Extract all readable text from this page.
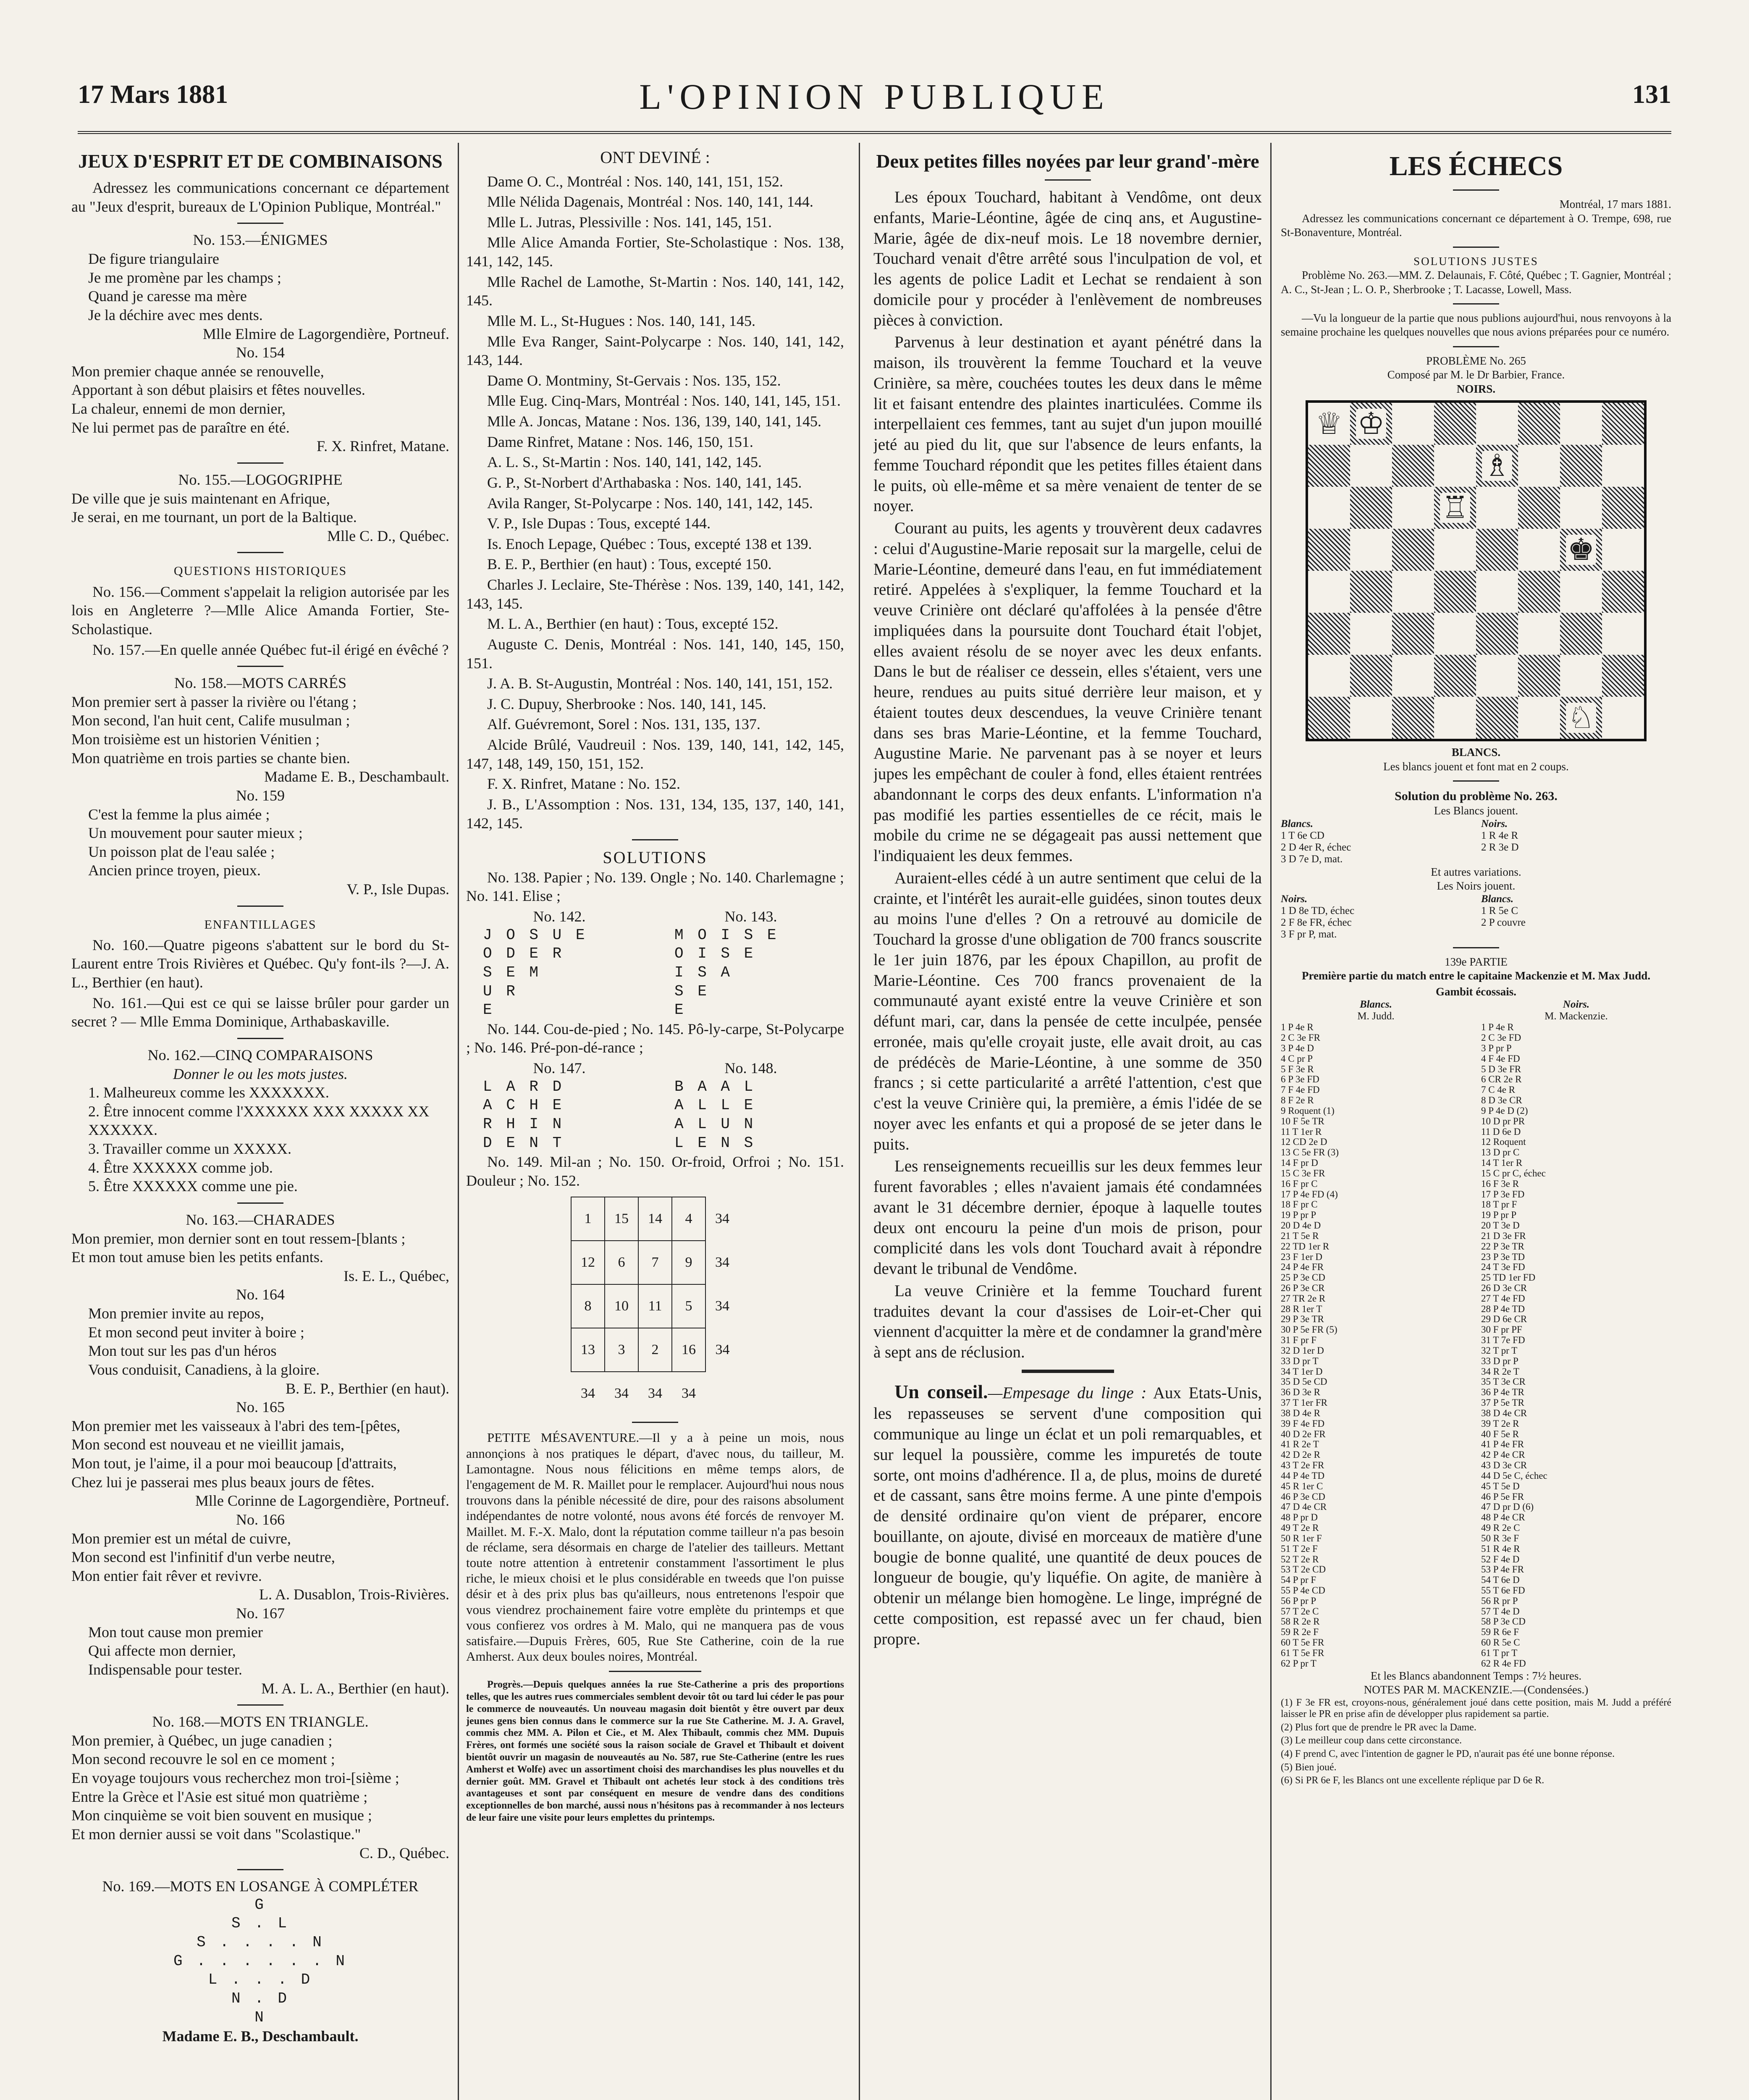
17 Mars 1881	L'OPINION PUBLIQUE	131
JEUX D'ESPRIT ET DE COMBINAISONS
Adressez les communications concernant ce département au "Jeux d'esprit, bureaux de L'Opinion Publique, Montréal."
No. 153.—ÉNIGMES
De figure triangulaire
Je me promène par les champs ;
Quand je caresse ma mère
Je la déchire avec mes dents.
Mlle Elmire de Lagorgendière, Portneuf.
No. 154
Mon premier chaque année se renouvelle,
Apportant à son début plaisirs et fêtes nouvelles.
La chaleur, ennemi de mon dernier,
Ne lui permet pas de paraître en été.
F. X. Rinfret, Matane.
No. 155.—LOGOGRIPHE
De ville que je suis maintenant en Afrique,
Je serai, en me tournant, un port de la Baltique.
Mlle C. D., Québec.
QUESTIONS HISTORIQUES
No. 156.—Comment s'appelait la religion autorisée par les lois en Angleterre ?—Mlle Alice Amanda Fortier, Ste-Scholastique.
No. 157.—En quelle année Québec fut-il érigé en évêché ?
No. 158.—MOTS CARRÉS
Mon premier sert à passer la rivière ou l'étang ;
Mon second, l'an huit cent, Calife musulman ;
Mon troisième est un historien Vénitien ;
Mon quatrième en trois parties se chante bien.
Madame E. B., Deschambault.
No. 159
C'est la femme la plus aimée ;
Un mouvement pour sauter mieux ;
Un poisson plat de l'eau salée ;
Ancien prince troyen, pieux.
V. P., Isle Dupas.
ENFANTILLAGES
No. 160.—Quatre pigeons s'abattent sur le bord du St-Laurent entre Trois Rivières et Québec. Qu'y font-ils ?—J. A. L., Berthier (en haut).
No. 161.—Qui est ce qui se laisse brûler pour garder un secret ? — Mlle Emma Dominique, Arthabaskaville.
No. 162.—CINQ COMPARAISONS
Donner le ou les mots justes.
1. Malheureux comme les XXXXXXX.
2. Être innocent comme l'XXXXXX XXX XXXXX XX XXXXXX.
3. Travailler comme un XXXXX.
4. Être XXXXXX comme job.
5. Être XXXXXX comme une pie.
No. 163.—CHARADES
Mon premier, mon dernier sont en tout ressem-[blants ;
Et mon tout amuse bien les petits enfants.
Is. E. L., Québec,
No. 164
Mon premier invite au repos,
Et mon second peut inviter à boire ;
Mon tout sur les pas d'un héros
Vous conduisit, Canadiens, à la gloire.
B. E. P., Berthier (en haut).
No. 165
Mon premier met les vaisseaux à l'abri des tem-[pêtes,
Mon second est nouveau et ne vieillit jamais,
Mon tout, je l'aime, il a pour moi beaucoup [d'attraits,
Chez lui je passerai mes plus beaux jours de fêtes.
Mlle Corinne de Lagorgendière, Portneuf.
No. 166
Mon premier est un métal de cuivre,
Mon second est l'infinitif d'un verbe neutre,
Mon entier fait rêver et revivre.
L. A. Dusablon, Trois-Rivières.
No. 167
Mon tout cause mon premier
Qui affecte mon dernier,
Indispensable pour tester.
M. A. L. A., Berthier (en haut).
No. 168.—MOTS EN TRIANGLE.
Mon premier, à Québec, un juge canadien ;
Mon second recouvre le sol en ce moment ;
En voyage toujours vous recherchez mon troi-[sième ;
Entre la Grèce et l'Asie est situé mon quatrième ;
Mon cinquième se voit bien souvent en musique ;
Et mon dernier aussi se voit dans "Scolastique."
C. D., Québec.
No. 169.—MOTS EN LOSANGE À COMPLÉTER
G
S . L
S . . . . N
G . . . . . . N
L . . . D
N . D
N
Madame E. B., Deschambault.
ONT DEVINÉ :
Dame O. C., Montréal : Nos. 140, 141, 151, 152.
Mlle Nélida Dagenais, Montréal : Nos. 140, 141, 144.
Mlle L. Jutras, Plessiville : Nos. 141, 145, 151.
Mlle Alice Amanda Fortier, Ste-Scholastique : Nos. 138, 141, 142, 145.
Mlle Rachel de Lamothe, St-Martin : Nos. 140, 141, 142, 145.
Mlle M. L., St-Hugues : Nos. 140, 141, 145.
Mlle Eva Ranger, Saint-Polycarpe : Nos. 140, 141, 142, 143, 144.
Dame O. Montminy, St-Gervais : Nos. 135, 152.
Mlle Eug. Cinq-Mars, Montréal : Nos. 140, 141, 145, 151.
Mlle A. Joncas, Matane : Nos. 136, 139, 140, 141, 145.
Dame Rinfret, Matane : Nos. 146, 150, 151.
A. L. S., St-Martin : Nos. 140, 141, 142, 145.
G. P., St-Norbert d'Arthabaska : Nos. 140, 141, 145.
Avila Ranger, St-Polycarpe : Nos. 140, 141, 142, 145.
V. P., Isle Dupas : Tous, excepté 144.
Is. Enoch Lepage, Québec : Tous, excepté 138 et 139.
B. E. P., Berthier (en haut) : Tous, excepté 150.
Charles J. Leclaire, Ste-Thérèse : Nos. 139, 140, 141, 142, 143, 145.
M. L. A., Berthier (en haut) : Tous, excepté 152.
Auguste C. Denis, Montréal : Nos. 141, 140, 145, 150, 151.
J. A. B. St-Augustin, Montréal : Nos. 140, 141, 151, 152.
J. C. Dupuy, Sherbrooke : Nos. 140, 141, 145.
Alf. Guévremont, Sorel : Nos. 131, 135, 137.
Alcide Brûlé, Vaudreuil : Nos. 139, 140, 141, 142, 145, 147, 148, 149, 150, 151, 152.
F. X. Rinfret, Matane : No. 152.
J. B., L'Assomption : Nos. 131, 134, 135, 137, 140, 141, 142, 145.
SOLUTIONS
No. 138. Papier ; No. 139. Ongle ; No. 140. Charlemagne ; No. 141. Elise ;
No. 142.
J O S U E
O D E R
S E M
U R
E
No. 143.
M O I S E
O I S E
I S A
S E
E
No. 144. Cou-de-pied ; No. 145. Pô-ly-carpe, St-Polycarpe ; No. 146. Pré-pon-dé-rance ;
No. 147.
L A R D
A C H E
R H I N
D E N T
No. 148.
B A A L
A L L E
A L U N
L E N S
No. 149. Mil-an ; No. 150. Or-froid, Orfroi ; No. 151. Douleur ; No. 152.
1	15	14	4	34
12	6	7	9	34
8	10	11	5	34
13	3	2	16	34
34	34	34	34	
PETITE MÉSAVENTURE.—Il y a à peine un mois, nous annonçions à nos pratiques le départ, d'avec nous, du tailleur, M. Lamontagne. Nous nous félicitions en même temps alors, de l'engagement de M. R. Maillet pour le remplacer. Aujourd'hui nous nous trouvons dans la pénible nécessité de dire, pour des raisons absolument indépendantes de notre volonté, nous avons été forcés de renvoyer M. Maillet. M. F.-X. Malo, dont la réputation comme tailleur n'a pas besoin de réclame, sera désormais en charge de l'atelier des tailleurs. Mettant toute notre attention à entretenir constamment l'assortiment le plus riche, le mieux choisi et le plus considérable en tweeds que l'on puisse désir et à des prix plus bas qu'ailleurs, nous entretenons l'espoir que vous viendrez prochainement faire votre emplète du printemps et que vous confierez vos ordres à M. Malo, qui ne manquera pas de vous satisfaire.—Dupuis Frères, 605, Rue Ste Catherine, coin de la rue Amherst. Aux deux boules noires, Montréal.
Progrès.—Depuis quelques années la rue Ste-Catherine a pris des proportions telles, que les autres rues commerciales semblent devoir tôt ou tard lui céder le pas pour le commerce de nouveautés. Un nouveau magasin doit bientôt y être ouvert par deux jeunes gens bien connus dans le commerce sur la rue Ste Catherine. M. J. A. Gravel, commis chez MM. A. Pilon et Cie., et M. Alex Thibault, commis chez MM. Dupuis Frères, ont formés une société sous la raison sociale de Gravel et Thibault et doivent bientôt ouvrir un magasin de nouveautés au No. 587, rue Ste-Catherine (entre les rues Amherst et Wolfe) avec un assortiment choisi des marchandises les plus nouvelles et du dernier goût. MM. Gravel et Thibault ont achetés leur stock à des conditions très avantageuses et sont par conséquent en mesure de vendre dans des conditions exceptionnelles de bon marché, aussi nous n'hésitons pas à recommander à nos lecteurs de leur faire une visite pour leurs emplettes du printemps.
Deux petites filles noyées par leur grand'-mère
Les époux Touchard, habitant à Vendôme, ont deux enfants, Marie-Léontine, âgée de cinq ans, et Augustine-Marie, âgée de dix-neuf mois. Le 18 novembre dernier, Touchard venait d'être arrêté sous l'inculpation de vol, et les agents de police Ladit et Lechat se rendaient à son domicile pour y procéder à l'enlèvement de nombreuses pièces à conviction.
Parvenus à leur destination et ayant pénétré dans la maison, ils trouvèrent la femme Touchard et la veuve Crinière, sa mère, couchées toutes les deux dans le même lit et faisant entendre des plaintes inarticulées. Comme ils interpellaient ces femmes, tant au sujet d'un jupon mouillé jeté au pied du lit, que sur l'absence de leurs enfants, la femme Touchard répondit que les petites filles étaient dans le puits, où elle-même et sa mère venaient de tenter de se noyer.
Courant au puits, les agents y trouvèrent deux cadavres : celui d'Augustine-Marie reposait sur la margelle, celui de Marie-Léontine, demeuré dans l'eau, en fut immédiatement retiré. Appelées à s'expliquer, la femme Touchard et la veuve Crinière ont déclaré qu'affolées à la pensée d'être impliquées dans la poursuite dont Touchard était l'objet, elles avaient résolu de se noyer avec les deux enfants. Dans le but de réaliser ce dessein, elles s'étaient, vers une heure, rendues au puits situé derrière leur maison, et y étaient toutes deux descendues, la veuve Crinière tenant dans ses bras Marie-Léontine, et la femme Touchard, Augustine Marie. Ne parvenant pas à se noyer et leurs jupes les empêchant de couler à fond, elles étaient rentrées abandonnant le corps des deux enfants. L'information n'a pas modifié les parties essentielles de ce récit, mais le mobile du crime ne se dégageait pas aussi nettement que l'indiquaient les deux femmes.
Auraient-elles cédé à un autre sentiment que celui de la crainte, et l'intérêt les aurait-elle guidées, sinon toutes deux au moins l'une d'elles ? On a retrouvé au domicile de Touchard la grosse d'une obligation de 700 francs souscrite le 1er juin 1876, par les époux Chapillon, au profit de Marie-Léontine. Ces 700 francs provenaient de la communauté ayant existé entre la veuve Crinière et son défunt mari, car, dans la pensée de cette inculpée, pensée erronée, mais qu'elle croyait juste, elle avait droit, au cas de prédécès de Marie-Léontine, à une somme de 350 francs ; si cette particularité a arrêté l'attention, c'est que c'est la veuve Crinière qui, la première, a émis l'idée de se noyer avec les enfants et qui a proposé de se jeter dans le puits.
Les renseignements recueillis sur les deux femmes leur furent favorables ; elles n'avaient jamais été condamnées avant le 31 décembre dernier, époque à laquelle toutes deux ont encouru la peine d'un mois de prison, pour complicité dans les vols dont Touchard avait à répondre devant le tribunal de Vendôme.
La veuve Crinière et la femme Touchard furent traduites devant la cour d'assises de Loir-et-Cher qui viennent d'acquitter la mère et de condamner la grand'mère à sept ans de réclusion.
Un conseil.—Empesage du linge : Aux Etats-Unis, les repasseuses se servent d'une composition qui communique au linge un éclat et un poli remarquables, et sur lequel la poussière, comme les impuretés de toute sorte, ont moins d'adhérence. Il a, de plus, moins de dureté et de cassant, sans être moins ferme. A une pinte d'empois de densité ordinaire qu'on vient de préparer, encore bouillante, on ajoute, divisé en morceaux de matière d'une bougie de bonne qualité, une quantité de deux pouces de longueur de bougie, qu'y liquéfie. On agite, de manière à obtenir un mélange bien homogène. Le linge, imprégné de cette composition, est repassé avec un fer chaud, bien propre.
LES ÉCHECS
Montréal, 17 mars 1881.
Adressez les communications concernant ce département à O. Trempe, 698, rue St-Bonaventure, Montréal.
SOLUTIONS JUSTES
Problème No. 263.—MM. Z. Delaunais, F. Côté, Québec ; T. Gagnier, Montréal ; A. C., St-Jean ; L. O. P., Sherbrooke ; T. Lacasse, Lowell, Mass.
—Vu la longueur de la partie que nous publions aujourd'hui, nous renvoyons à la semaine prochaine les quelques nouvelles que nous avions préparées pour ce numéro.
PROBLÈME No. 265
Composé par M. le Dr Barbier, France.
NOIRS.
♕ ♔
♗
♖
♚
♘
BLANCS.
Les blancs jouent et font mat en 2 coups.
Solution du problème No. 263.
Les Blancs jouent.
Blancs.	Noirs.
1 T 6e CD	1 R 4e R
2 D 4er R, échec	2 R 3e D
3 D 7e D, mat.
Et autres variations.
Les Noirs jouent.
Noirs.	Blancs.
1 D 8e TD, échec	1 R 5e C
2 F 8e FR, échec	2 P couvre
3 F pr P, mat.
139e PARTIE
Première partie du match entre le capitaine Mackenzie et M. Max Judd.
Gambit écossais.
Blancs.	Noirs.
M. Judd.	M. Mackenzie.
1 P 4e R	1 P 4e R
2 C 3e FR	2 C 3e FD
3 P 4e D	3 P pr P
4 C pr P	4 F 4e FD
5 F 3e R	5 D 3e FR
6 P 3e FD	6 CR 2e R
7 F 4e FD	7 C 4e R
8 F 2e R	8 D 3e CR
9 Roquent (1)	9 P 4e D (2)
10 F 5e TR	10 D pr PR
11 T 1er R	11 D 6e D
12 CD 2e D	12 Roquent
13 C 5e FR (3)	13 D pr C
14 F pr D	14 T 1er R
15 C 3e FR	15 C pr C, échec
16 F pr C	16 F 3e R
17 P 4e FD (4)	17 P 3e FD
18 F pr C	18 T pr F
19 P pr P	19 P pr P
20 D 4e D	20 T 3e D
21 T 5e R	21 D 3e FR
22 TD 1er R	22 P 3e TR
23 F 1er D	23 P 3e TD
24 P 4e FR	24 T 3e FD
25 P 3e CD	25 TD 1er FD
26 P 3e CR	26 D 3e CR
27 TR 2e R	27 T 4e FD
28 R 1er T	28 P 4e TD
29 P 3e TR	29 D 6e CR
30 P 5e FR (5)	30 F pr PF
31 F pr F	31 T 7e FD
32 D 1er D	32 T pr T
33 D pr T	33 D pr P
34 T 1er D	34 R 2e T
35 D 5e CD	35 T 3e CR
36 D 3e R	36 P 4e TR
37 T 1er FR	37 P 5e TR
38 D 4e R	38 D 4e CR
39 F 4e FD	39 T 2e R
40 D 2e FR	40 F 5e R
41 R 2e T	41 P 4e FR
42 D 2e R	42 P 4e CR
43 T 2e FR	43 D 3e CR
44 P 4e TD	44 D 5e C, échec
45 R 1er C	45 T 5e D
46 P 3e CD	46 P 5e FR
47 D 4e CR	47 D pr D (6)
48 P pr D	48 P 4e CR
49 T 2e R	49 R 2e C
50 R 1er F	50 R 3e F
51 T 2e F	51 R 4e R
52 T 2e R	52 F 4e D
53 T 2e CD	53 P 4e FR
54 P pr F	54 T 6e D
55 P 4e CD	55 T 6e FD
56 P pr P	56 R pr P
57 T 2e C	57 T 4e D
58 R 2e R	58 P 3e CD
59 R 2e F	59 R 6e F
60 T 5e FR	60 R 5e C
61 T 5e FR	61 T pr T
62 P pr T	62 R 4e FD
Et les Blancs abandonnent Temps : 7½ heures.
NOTES PAR M. MACKENZIE.—(Condensées.)
(1) F 3e FR est, croyons-nous, généralement joué dans cette position, mais M. Judd a préféré laisser le PR en prise afin de développer plus rapidement sa partie.
(2) Plus fort que de prendre le PR avec la Dame.
(3) Le meilleur coup dans cette circonstance.
(4) F prend C, avec l'intention de gagner le PD, n'aurait pas été une bonne réponse.
(5) Bien joué.
(6) Si PR 6e F, les Blancs ont une excellente réplique par D 6e R.
